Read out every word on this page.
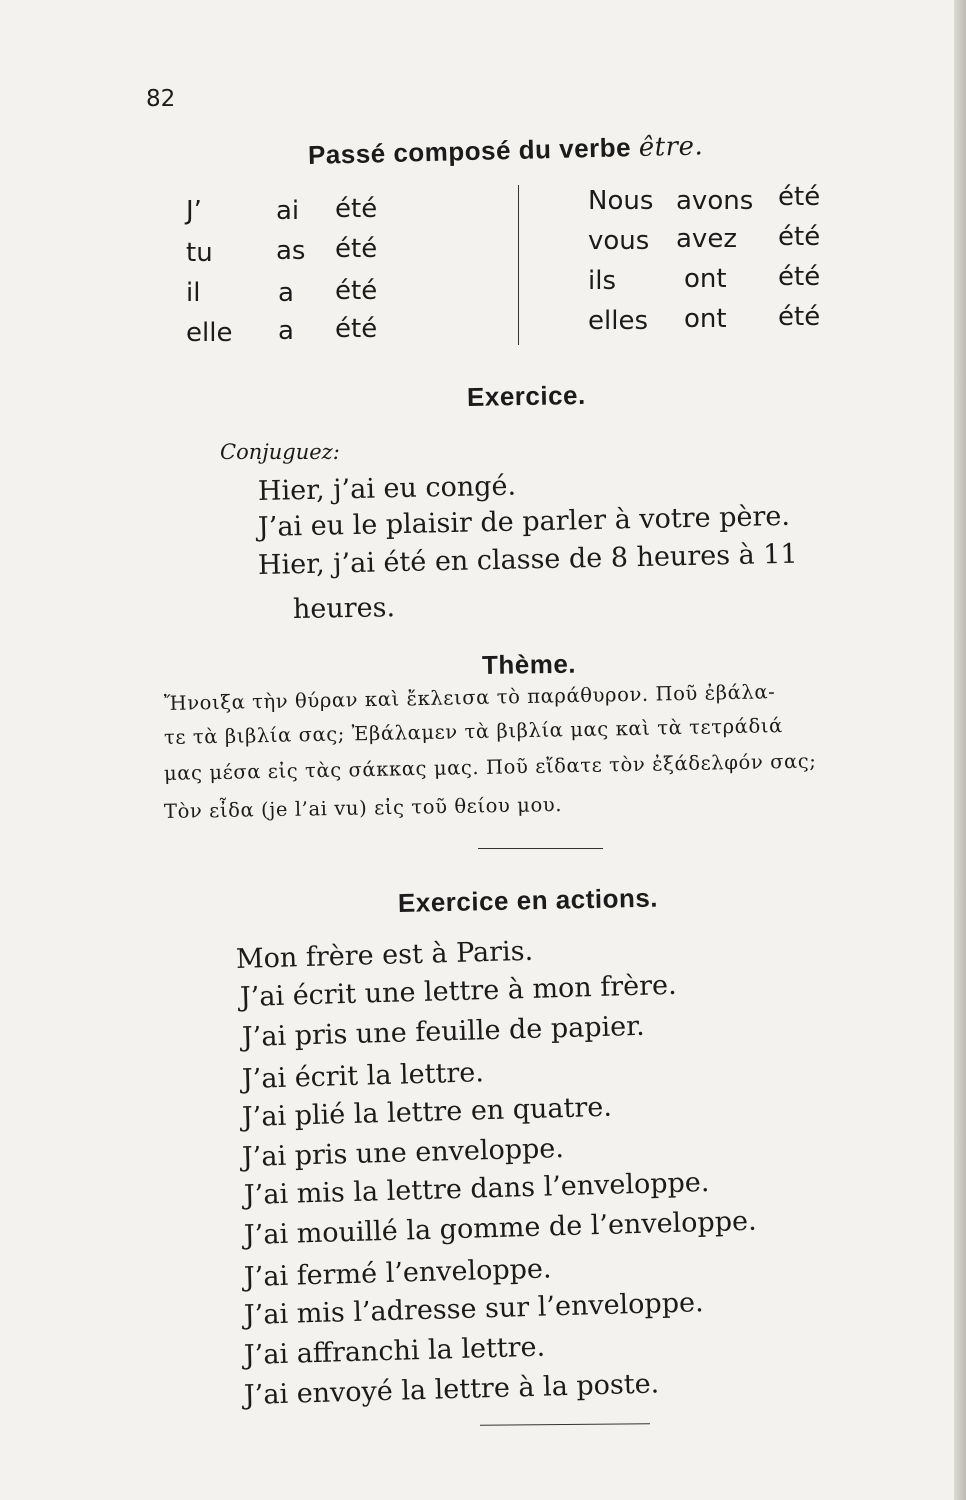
82
Passé composé du verbe être.
J’	ai été
tu as été
il	a été
elle a été
Nous avons été
vous avez été
ils	ont été
elles ont été
Exercice.
Conjuguez:
Hier, j’ai eu congé.
J’ai eu le plaisir de parler à votre père.
Hier, j’ai été en classe de 8 heures à 11
heures.
Thème.
Ἤνοιξα τὴν θύραν καὶ ἔκλεισα τὸ παράθυρον. Ποῦ ἐβάλα-
τε τὰ βιβλία σας; Ἐβάλαμεν τὰ βιβλία μας καὶ τὰ τετράδιά
μας μέσα εἰς τὰς σάκκας μας. Ποῦ εἴδατε τὸν ἐξάδελφόν σας;
Τὸν εἶδα (je l’ai vu) εἰς τοῦ θείου μου.
Exercice en actions.
Mon frère est à Paris.
J’ai écrit une lettre à mon frère.
J’ai pris une feuille de papier.
J’ai écrit la lettre.
J’ai plié la lettre en quatre.
J’ai pris une enveloppe.
J’ai mis la lettre dans l’enveloppe.
J’ai mouillé la gomme de l’enveloppe.
J’ai fermé l’enveloppe.
J’ai mis l’adresse sur l’enveloppe.
J’ai affranchi la lettre.
J’ai envoyé la lettre à la poste.
